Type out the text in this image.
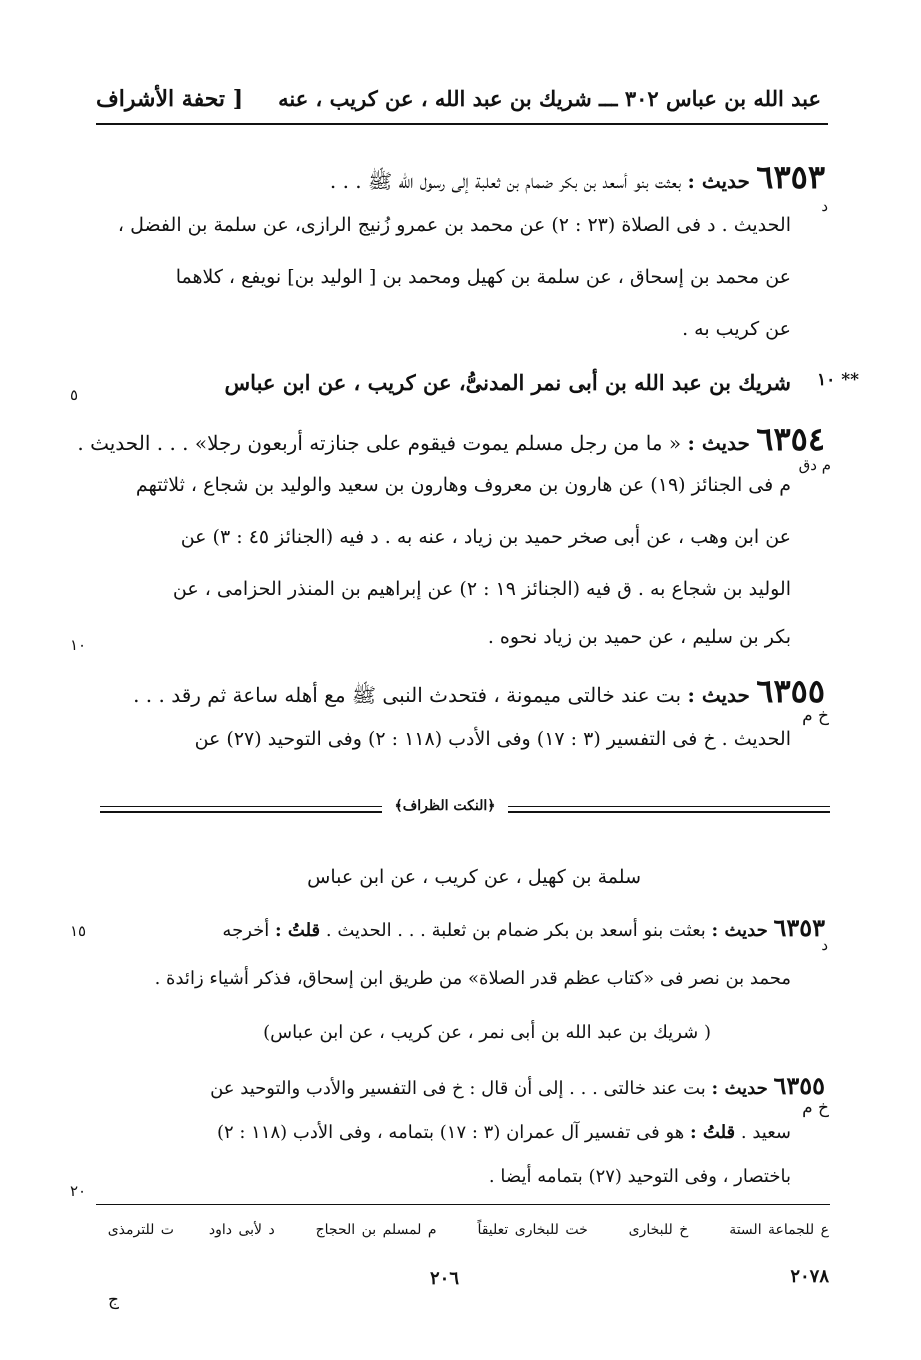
عبد الله بن عباس ٣٠٢ ـــ شريك بن عبد الله ، عن كريب ، عنه
[ تحفة الأشراف
٦٣٥٣ حديث : بعثت بنو أسعد بن بكر ضمام بن ثعلبة إلى رسول الله ﷺ . . .
د
الحديث . د فى الصلاة (٢٣ : ٢) عن محمد بن عمرو زُنيج الرازى، عن سلمة بن الفضل ،
عن محمد بن إسحاق ، عن سلمة بن كهيل ومحمد بن [ الوليد بن] نويفع ، كلاهما
عن كريب به .
** ١٠
شريك بن عبد الله بن أبى نمر المدنىُّ، عن كريب ، عن ابن عباس
٥
٦٣٥٤ حديث : « ما من رجل مسلم يموت فيقوم على جنازته أربعون رجلا» . . . الحديث .
م دق
م فى الجنائز (١٩) عن هارون بن معروف وهارون بن سعيد والوليد بن شجاع ، ثلاثتهم
عن ابن وهب ، عن أبى صخر حميد بن زياد ، عنه به . د فيه (الجنائز ٤٥ : ٣) عن
الوليد بن شجاع به . ق فيه (الجنائز ١٩ : ٢) عن إبراهيم بن المنذر الحزامى ، عن
بكر بن سليم ، عن حميد بن زياد نحوه .
١٠
٦٣٥٥ حديث : بت عند خالتى ميمونة ، فتحدث النبى ﷺ مع أهله ساعة ثم رقد . . .
خ م
الحديث . خ فى التفسير (٣ : ١٧) وفى الأدب (١١٨ : ٢) وفى التوحيد (٢٧) عن
﴿النكت الظراف﴾
سلمة بن كهيل ، عن كريب ، عن ابن عباس
٦٣٥٣ حديث : بعثت بنو أسعد بن بكر ضمام بن ثعلبة . . . الحديث . قلتُ : أخرجه
د
١٥
محمد بن نصر فى «كتاب عظم قدر الصلاة» من طريق ابن إسحاق، فذكر أشياء زائدة .
( شريك بن عبد الله بن أبى نمر ، عن كريب ، عن ابن عباس)
٦٣٥٥ حديث : بت عند خالتى . . . إلى أن قال : خ فى التفسير والأدب والتوحيد عن
خ م
سعيد . قلتُ : هو فى تفسير آل عمران (٣ : ١٧) بتمامه ، وفى الأدب (١١٨ : ٢)
باختصار ، وفى التوحيد (٢٧) بتمامه أيضا .
٢٠
ع للجماعة الستة  خ للبخارى  خت للبخارى تعليقاً  م لمسلم بن الحجاج  د لأبى داود  ت للترمذى
٢٠٧٨
٢٠٦
ج
